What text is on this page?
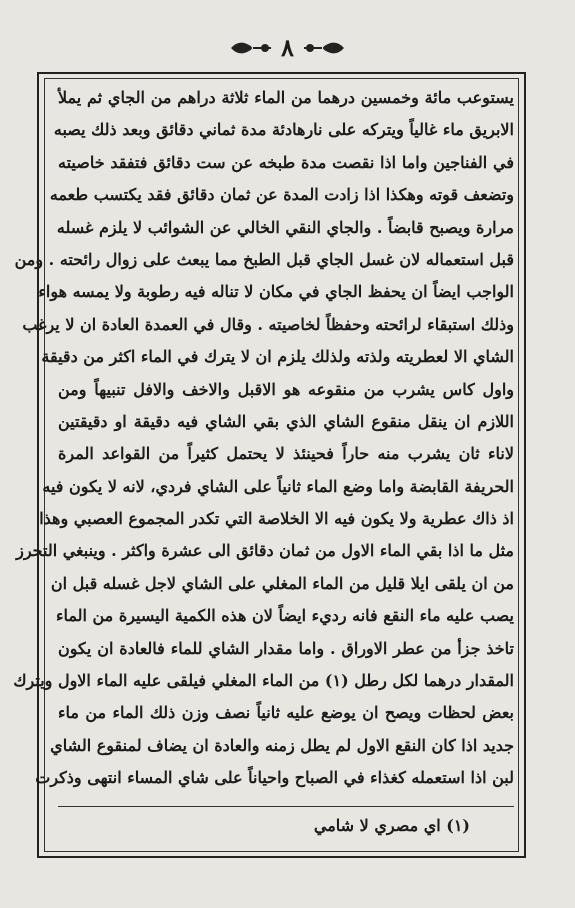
٨
يستوعب مائة وخمسين درهما من الماء ثلاثة دراهم من الجاي ثم يملأ
الابريق ماء غالياً ويتركه على نارهادئة مدة ثماني دقائق وبعد ذلك يصبه
في الفناجين واما اذا نقصت مدة طبخه عن ست دقائق فتفقد خاصيته
وتضعف قوته وهكذا اذا زادت المدة عن ثمان دقائق فقد يكتسب طعمه
مرارة ويصبح قابضاً . والجاي النقي الخالي عن الشوائب لا يلزم غسله
قبل استعماله لان غسل الجاي قبل الطبخ مما يبعث على زوال رائحته . ومن
الواجب ايضاً ان يحفظ الجاي في مكان لا تناله فيه رطوبة ولا يمسه هواء
وذلك استبقاء لرائحته وحفظاً لخاصيته . وقال في العمدة العادة ان لا يرغب
الشاي الا لعطريته ولذته ولذلك يلزم ان لا يترك في الماء اكثر من دقيقة
واول كاس يشرب من منقوعه هو الاقبل والاخف والافل تنبيهاً ومن
اللازم ان ينقل منقوع الشاي الذي بقي الشاي فيه دقيقة او دقيقتين
لاناء ثان يشرب منه حاراً فحينئذ لا يحتمل كثيراً من القواعد المرة
الحريفة القابضة واما وضع الماء ثانياً على الشاي فردي، لانه لا يكون فيه
اذ ذاك عطرية ولا يكون فيه الا الخلاصة التي تكدر المجموع العصبي وهذا
مثل ما اذا بقي الماء الاول من ثمان دقائق الى عشرة واكثر . وينبغي التحرز
من ان يلقى ايلا قليل من الماء المغلي على الشاي لاجل غسله قبل ان
يصب عليه ماء النقع فانه رديء ايضاً لان هذه الكمية اليسيرة من الماء
تاخذ جزأ من عطر الاوراق . واما مقدار الشاي للماء فالعادة ان يكون
المقدار درهما لكل رطل (١) من الماء المغلي فيلقى عليه الماء الاول ويترك
بعض لحظات ويصح ان يوضع عليه ثانياً نصف وزن ذلك الماء من ماء
جديد اذا كان النقع الاول لم يطل زمنه والعادة ان يضاف لمنقوع الشاي
لبن اذا استعمله كغذاء في الصباح واحياناً على شاي المساء انتهى وذكرت
(١) اي مصري لا شامي
